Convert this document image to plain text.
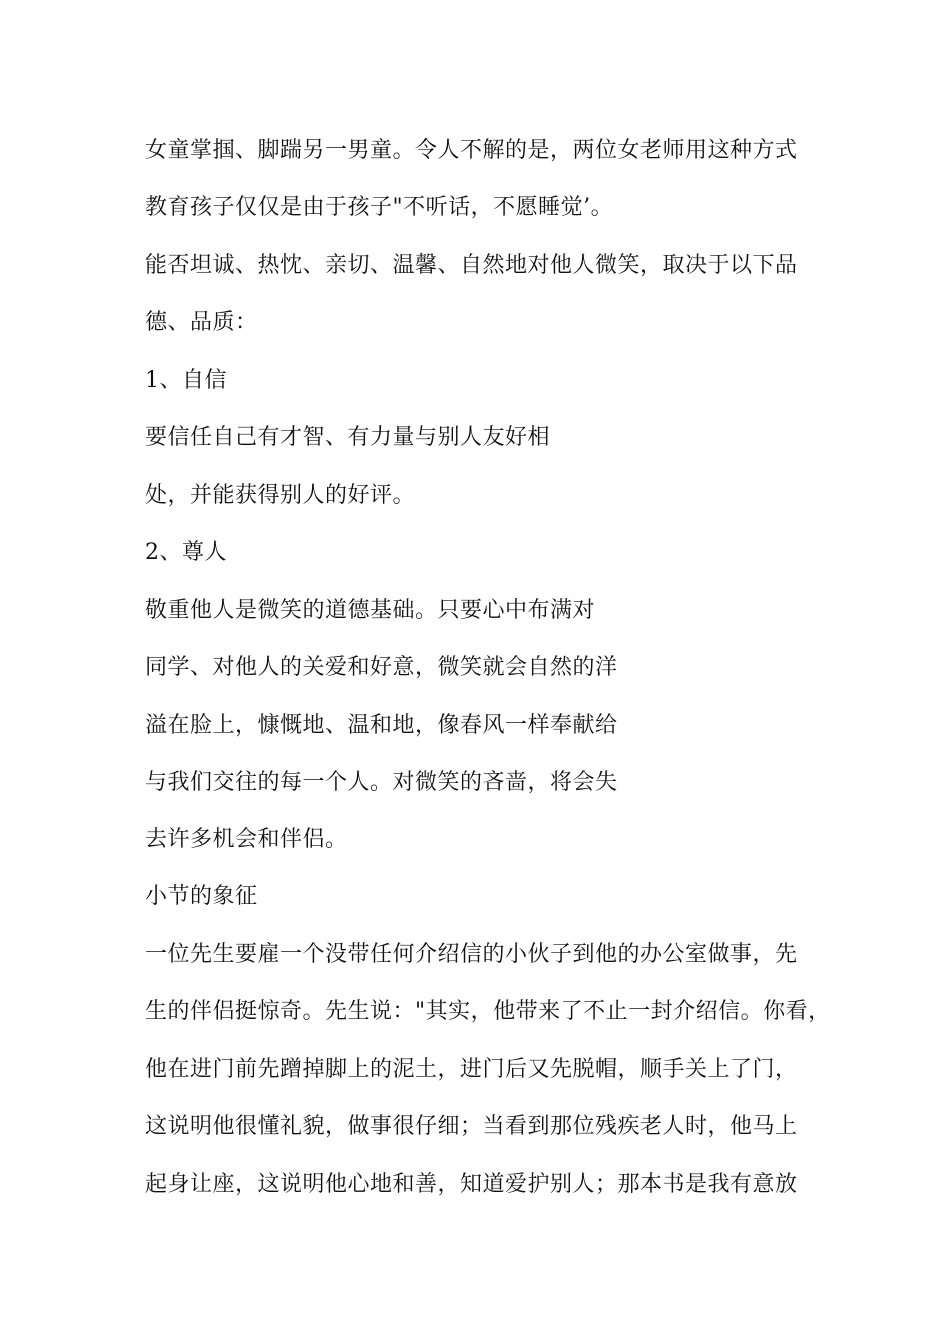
女童掌掴、脚踹另一男童。令人不解的是，两位女老师用这种方式
教育孩子仅仅是由于孩子"不听话，不愿睡觉’。
能否坦诚、热忱、亲切、温馨、自然地对他人微笑，取决于以下品
德、品质：
1、自信
要信任自己有才智、有力量与别人友好相
处，并能获得别人的好评。
2、尊人
敬重他人是微笑的道德基础。只要心中布满对
同学、对他人的关爱和好意，微笑就会自然的洋
溢在脸上，慷慨地、温和地，像春风一样奉献给
与我们交往的每一个人。对微笑的吝啬，将会失
去许多机会和伴侣。
小节的象征
一位先生要雇一个没带任何介绍信的小伙子到他的办公室做事，先
生的伴侣挺惊奇。先生说："其实，他带来了不止一封介绍信。你看，
他在进门前先蹭掉脚上的泥土，进门后又先脱帽，顺手关上了门，
这说明他很懂礼貌，做事很仔细；当看到那位残疾老人时，他马上
起身让座，这说明他心地和善，知道爱护别人；那本书是我有意放
